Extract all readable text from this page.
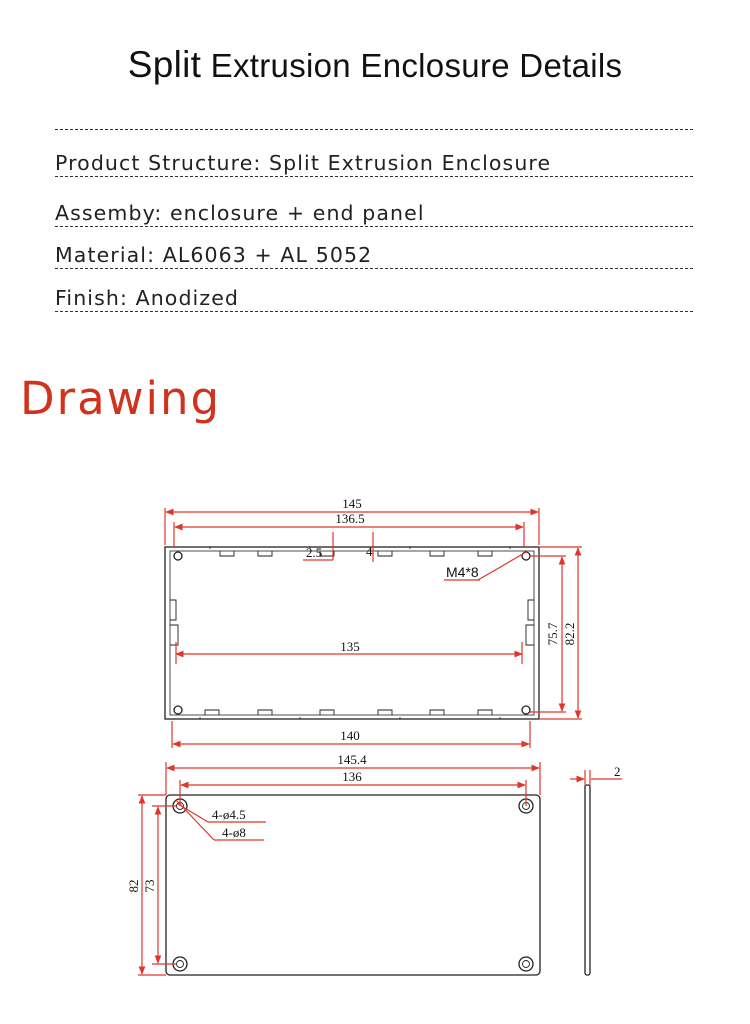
Split Extrusion Enclosure Details
Product Structure: Split Extrusion Enclosure
Assemby: enclosure + end panel
Material: AL6063 + AL 5052
Finish: Anodized
Drawing
145
136.5
2.5	4
M4*8
75.7 82.2
135
140
145.4
136
4-ø4.5
4-ø8
82 73
2
